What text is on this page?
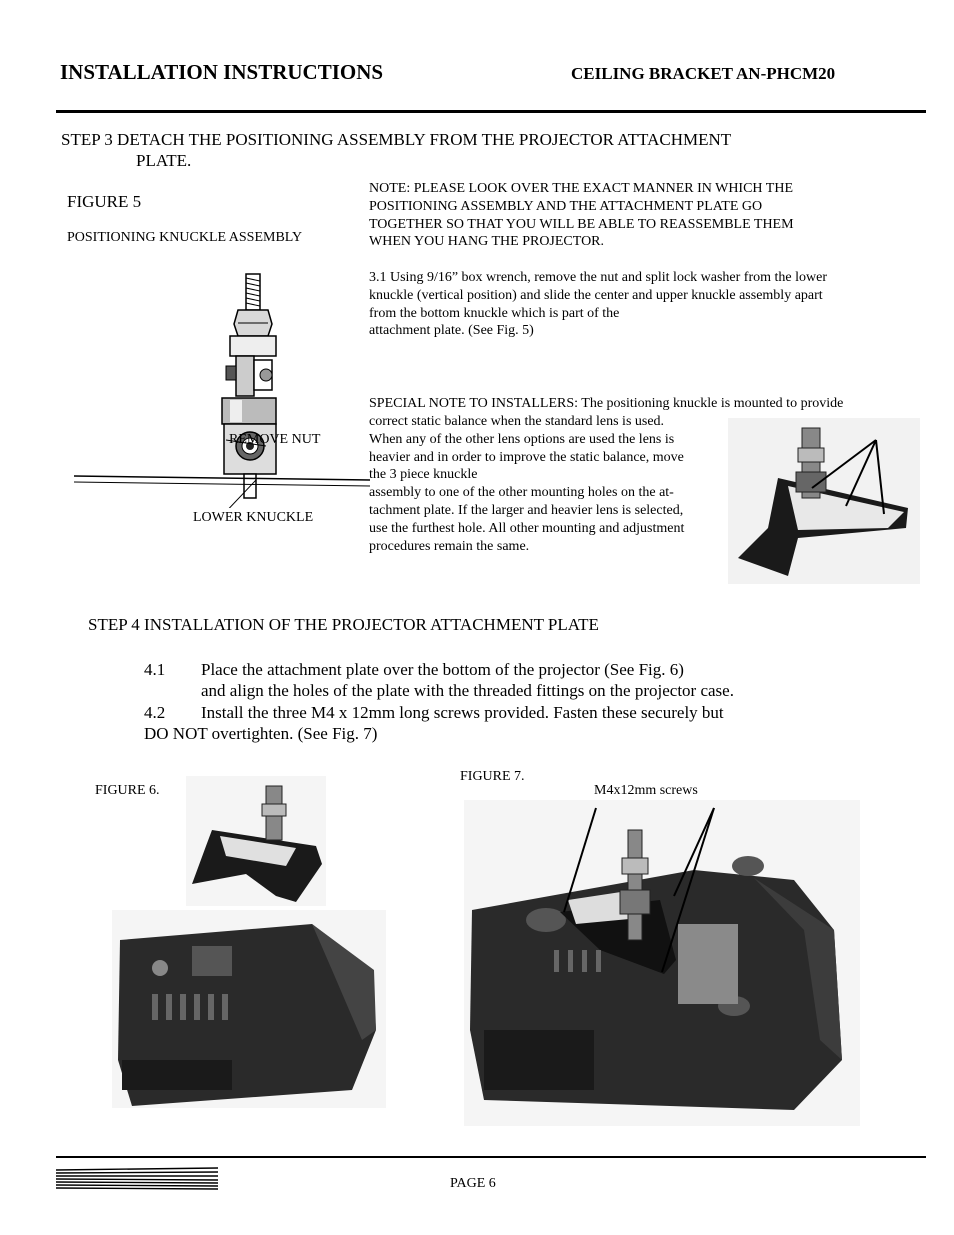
INSTALLATION INSTRUCTIONS	CEILING BRACKET AN-PHCM20
STEP 3 DETACH THE POSITIONING ASSEMBLY FROM THE PROJECTOR ATTACHMENT
PLATE.
FIGURE 5
POSITIONING KNUCKLE ASSEMBLY
REMOVE NUT
LOWER KNUCKLE
NOTE: PLEASE LOOK OVER THE EXACT MANNER IN WHICH THE
POSITIONING ASSEMBLY AND THE ATTACHMENT PLATE GO
TOGETHER SO THAT YOU WILL BE ABLE TO REASSEMBLE THEM
WHEN YOU HANG THE PROJECTOR.
3.1 Using 9/16” box wrench, remove the nut and split lock washer from the lower
knuckle (vertical position) and slide the center and upper knuckle assembly apart
from the bottom knuckle which is part of the
attachment plate. (See Fig. 5)
SPECIAL NOTE TO INSTALLERS: The positioning knuckle is mounted to provide
correct static balance when the standard lens is used.
When any of the other lens options are used the lens is
heavier and in order to improve the static balance, move
the 3 piece knuckle
assembly to one of the other mounting holes on the at-
tachment plate. If the larger and heavier lens is selected,
use the furthest hole. All other mounting and adjustment
procedures remain the same.
STEP 4 INSTALLATION OF THE PROJECTOR ATTACHMENT PLATE
4.1 Place the attachment plate over the bottom of the projector (See Fig. 6)
and align the holes of the plate with the threaded fittings on the projector case.
4.2 Install the three M4 x 12mm long screws provided. Fasten these securely but
DO NOT overtighten. (See Fig. 7)
FIGURE 6.
FIGURE 7.
M4x12mm screws
PAGE 6
